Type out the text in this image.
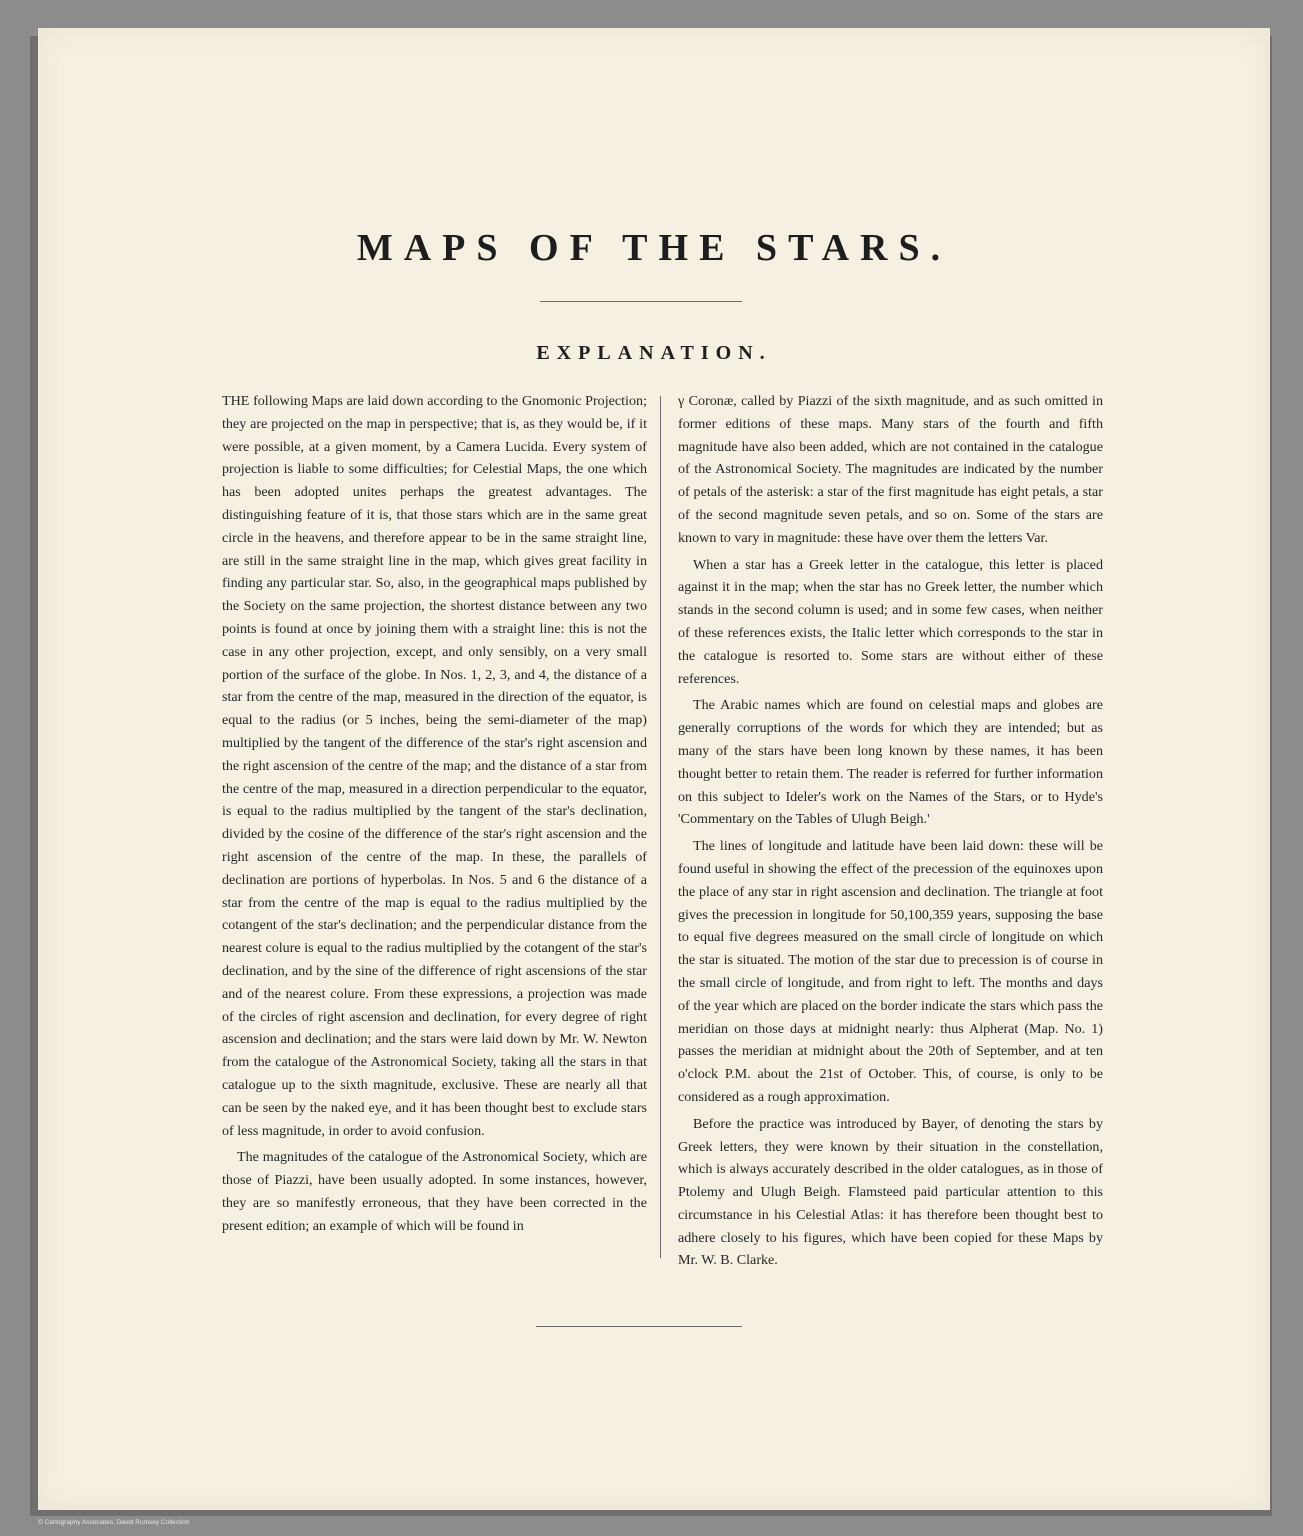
MAPS OF THE STARS.
EXPLANATION.

THE following Maps are laid down according to the Gnomonic Projection; they are projected on the map in perspective; that is, as they would be, if it were possible, at a given moment, by a Camera Lucida. Every system of projection is liable to some difficulties; for Celestial Maps, the one which has been adopted unites perhaps the greatest advantages. The distinguishing feature of it is, that those stars which are in the same great circle in the heavens, and therefore appear to be in the same straight line, are still in the same straight line in the map, which gives great facility in finding any particular star. So, also, in the geographical maps published by the Society on the same projection, the shortest distance between any two points is found at once by joining them with a straight line: this is not the case in any other projection, except, and only sensibly, on a very small portion of the surface of the globe. In Nos. 1, 2, 3, and 4, the distance of a star from the centre of the map, measured in the direction of the equator, is equal to the radius (or 5 inches, being the semi-diameter of the map) multiplied by the tangent of the difference of the star's right ascension and the right ascension of the centre of the map; and the distance of a star from the centre of the map, measured in a direction perpendicular to the equator, is equal to the radius multiplied by the tangent of the star's declination, divided by the cosine of the difference of the star's right ascension and the right ascension of the centre of the map. In these, the parallels of declination are portions of hyperbolas. In Nos. 5 and 6 the distance of a star from the centre of the map is equal to the radius multiplied by the cotangent of the star's declination; and the perpendicular distance from the nearest colure is equal to the radius multiplied by the cotangent of the star's declination, and by the sine of the difference of right ascensions of the star and of the nearest colure. From these expressions, a projection was made of the circles of right ascension and declination, for every degree of right ascension and declination; and the stars were laid down by Mr. W. Newton from the catalogue of the Astronomical Society, taking all the stars in that catalogue up to the sixth magnitude, exclusive. These are nearly all that can be seen by the naked eye, and it has been thought best to exclude stars of less magnitude, in order to avoid confusion.

The magnitudes of the catalogue of the Astronomical Society, which are those of Piazzi, have been usually adopted. In some instances, however, they are so manifestly erroneous, that they have been corrected in the present edition; an example of which will be found in

γ Coronæ, called by Piazzi of the sixth magnitude, and as such omitted in former editions of these maps. Many stars of the fourth and fifth magnitude have also been added, which are not contained in the catalogue of the Astronomical Society. The magnitudes are indicated by the number of petals of the asterisk: a star of the first magnitude has eight petals, a star of the second magnitude seven petals, and so on. Some of the stars are known to vary in magnitude: these have over them the letters Var.

When a star has a Greek letter in the catalogue, this letter is placed against it in the map; when the star has no Greek letter, the number which stands in the second column is used; and in some few cases, when neither of these references exists, the Italic letter which corresponds to the star in the catalogue is resorted to. Some stars are without either of these references.

The Arabic names which are found on celestial maps and globes are generally corruptions of the words for which they are intended; but as many of the stars have been long known by these names, it has been thought better to retain them. The reader is referred for further information on this subject to Ideler's work on the Names of the Stars, or to Hyde's 'Commentary on the Tables of Ulugh Beigh.'

The lines of longitude and latitude have been laid down: these will be found useful in showing the effect of the precession of the equinoxes upon the place of any star in right ascension and declination. The triangle at foot gives the precession in longitude for 50,100,359 years, supposing the base to equal five degrees measured on the small circle of longitude on which the star is situated. The motion of the star due to precession is of course in the small circle of longitude, and from right to left. The months and days of the year which are placed on the border indicate the stars which pass the meridian on those days at midnight nearly: thus Alpherat (Map. No. 1) passes the meridian at midnight about the 20th of September, and at ten o'clock P.M. about the 21st of October. This, of course, is only to be considered as a rough approximation.

Before the practice was introduced by Bayer, of denoting the stars by Greek letters, they were known by their situation in the constellation, which is always accurately described in the older catalogues, as in those of Ptolemy and Ulugh Beigh. Flamsteed paid particular attention to this circumstance in his Celestial Atlas: it has therefore been thought best to adhere closely to his figures, which have been copied for these Maps by Mr. W. B. Clarke.

© Cartography Associates, David Rumsey Collection
